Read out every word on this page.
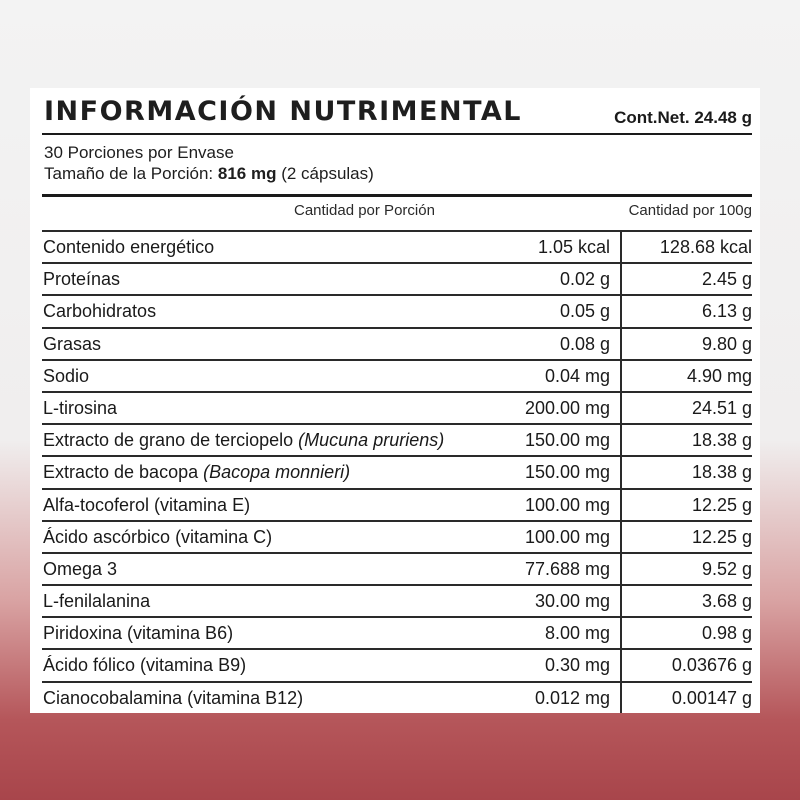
INFORMACIÓN NUTRIMENTAL	Cont.Net. 24.48 g
30 Porciones por Envase
Tamaño de la Porción: 816 mg (2 cápsulas)
Cantidad por Porción	Cantidad por 100g
Contenido energético	1.05 kcal	128.68 kcal
Proteínas	0.02 g	2.45 g
Carbohidratos	0.05 g	6.13 g
Grasas	0.08 g	9.80 g
Sodio	0.04 mg	4.90 mg
L-tirosina	200.00 mg	24.51 g
Extracto de grano de terciopelo (Mucuna pruriens)	150.00 mg	18.38 g
Extracto de bacopa (Bacopa monnieri)	150.00 mg	18.38 g
Alfa-tocoferol (vitamina E)	100.00 mg	12.25 g
Ácido ascórbico (vitamina C)	100.00 mg	12.25 g
Omega 3	77.688 mg	9.52 g
L-fenilalanina	30.00 mg	3.68 g
Piridoxina (vitamina B6)	8.00 mg	0.98 g
Ácido fólico (vitamina B9)	0.30 mg	0.03676 g
Cianocobalamina (vitamina B12)	0.012 mg	0.00147 g
